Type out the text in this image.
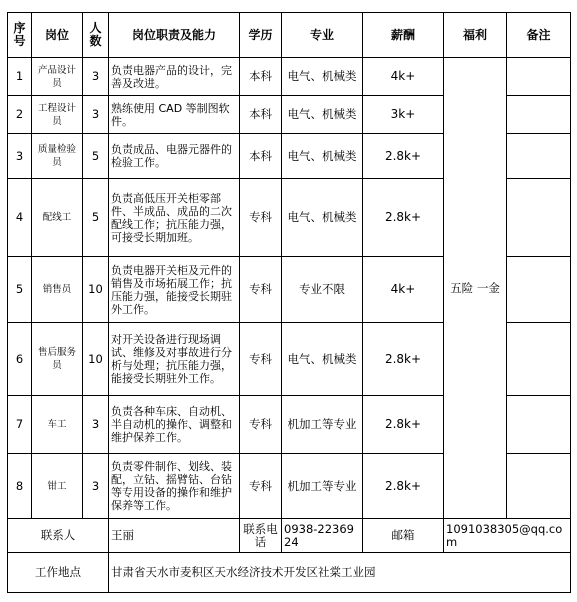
序号	岗位	人数	岗位职责及能力	学历	专业	薪酬	福利	备注
1	产品设计员	3	负责电器产品的设计，完善及改进。	本科	电气、机械类	4k+	五险 一金	
2	工程设计员	3	熟练使用 CAD 等制图软件。	本科	电气、机械类	3k+		
3	质量检验员	5	负责成品、电器元器件的检验工作。	本科	电气、机械类	2.8k+		
4	配线工	5	负责高低压开关柜零部件、半成品、成品的二次配线工作；抗压能力强，可接受长期加班。	专科	电气、机械类	2.8k+		
5	销售员	10	负责电器开关柜及元件的销售及市场拓展工作；抗压能力强，能接受长期驻外工作。	专科	专业不限	4k+		
6	售后服务员	10	对开关设备进行现场调试、维修及对事故进行分析与处理；抗压能力强，能接受长期驻外工作。	专科	电气、机械类	2.8k+		
7	车工	3	负责各种车床、自动机、半自动机的操作、调整和维护保养工作。	专科	机加工等专业	2.8k+		
8	钳工	3	负责零件制作、划线、装配，立钻、摇臂钻、台钻等专用设备的操作和维护保养等工作。	专科	机加工等专业	2.8k+		
联系人			王丽	联系电话	0938-2236924	邮箱	1091038305@qq.com	
工作地点			甘肃省天水市麦积区天水经济技术开发区社棠工业园					
